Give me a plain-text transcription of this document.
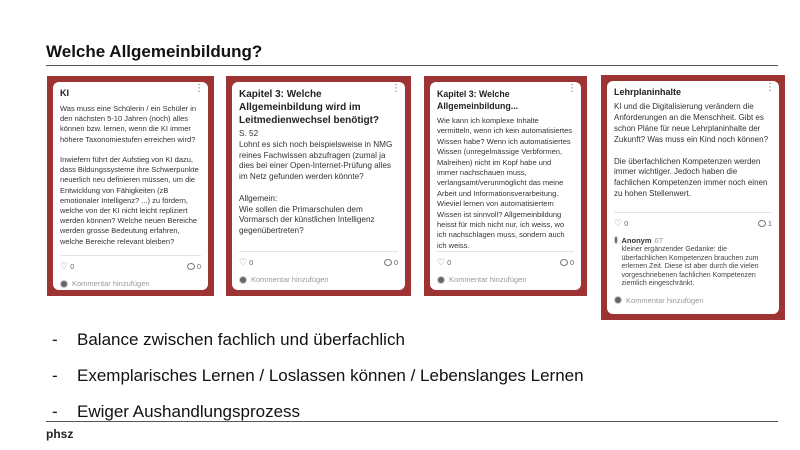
Welche Allgemeinbildung?
⋮
KI
Was muss eine Schülerin / ein Schüler in den nächsten 5-10 Jahren (noch) alles können bzw. lernen, wenn die KI immer höhere Taxonomiestufen erreichen wird?

Inwiefern führt der Aufstieg von KI dazu, dass Bildungssysteme ihre Schwerpunkte neuerlich neu definieren müssen, um die Entwicklung von Fähigkeiten (zB emotionaler Intelligenz? ...) zu fördern, welche von der KI nicht leicht repliziert werden können? Welche neuen Bereiche werden grosse Bedeutung erfahren, welche Bereiche relevant bleiben?
♡ 0	0
Kommentar hinzufügen
⋮
Kapitel 3: Welche Allgemeinbildung wird im Leitmedienwechsel benötigt?
S. 52
Lohnt es sich noch beispielsweise in NMG reines Fachwissen abzufragen (zumal ja dies bei einer Open-Internet-Prüfung alles im Netz gefunden werden könnte?

Allgemein:
Wie sollen die Primarschulen dem Vormarsch der künstlichen Intelligenz gegenübertreten?
♡ 0	0
Kommentar hinzufügen
⋮
Kapitel 3: Welche Allgemeinbildung...
Wie kann ich komplexe Inhalte vermitteln, wenn ich kein automatisiertes Wissen habe? Wenn ich automatisiertes Wissen (unregelmässige Verbformen, Malreihen) nicht im Kopf habe und immer nachschauen muss, verlangsamt/verunmöglicht das meine Arbeit und Informationsverarbeitung. Wieviel lernen von automatisiertem Wissen ist sinnvoll? Allgemeinbildung heisst für mich nicht nur, ich weiss, wo ich nachschlagen muss, sondern auch ich weiss.
♡ 0	0
Kommentar hinzufügen
⋮
Lehrplaninhalte
KI und die Digitalisierung verändern die Anforderungen an die Menschheit. Gibt es schon Pläne für neue Lehrplaninhalte der Zukunft? Was muss ein Kind noch können?

Die überfachlichen Kompetenzen werden immer wichtiger. Jedoch haben die fachlichen Kompetenzen immer noch einen zu hohen Stellenwert.
♡ 0	1
Anonym 6T
kleiner ergänzender Gedanke: die überfachlichen Kompetenzen brauchen zum erlernen Zeit. Diese ist aber durch die vielen vorgeschriebenen fachlichen Kompetenzen ziemlich eingeschränkt.
Kommentar hinzufügen
-	Balance zwischen fachlich und überfachlich
-	Exemplarisches Lernen / Loslassen können / Lebenslanges Lernen
-	Ewiger Aushandlungsprozess
phsz
